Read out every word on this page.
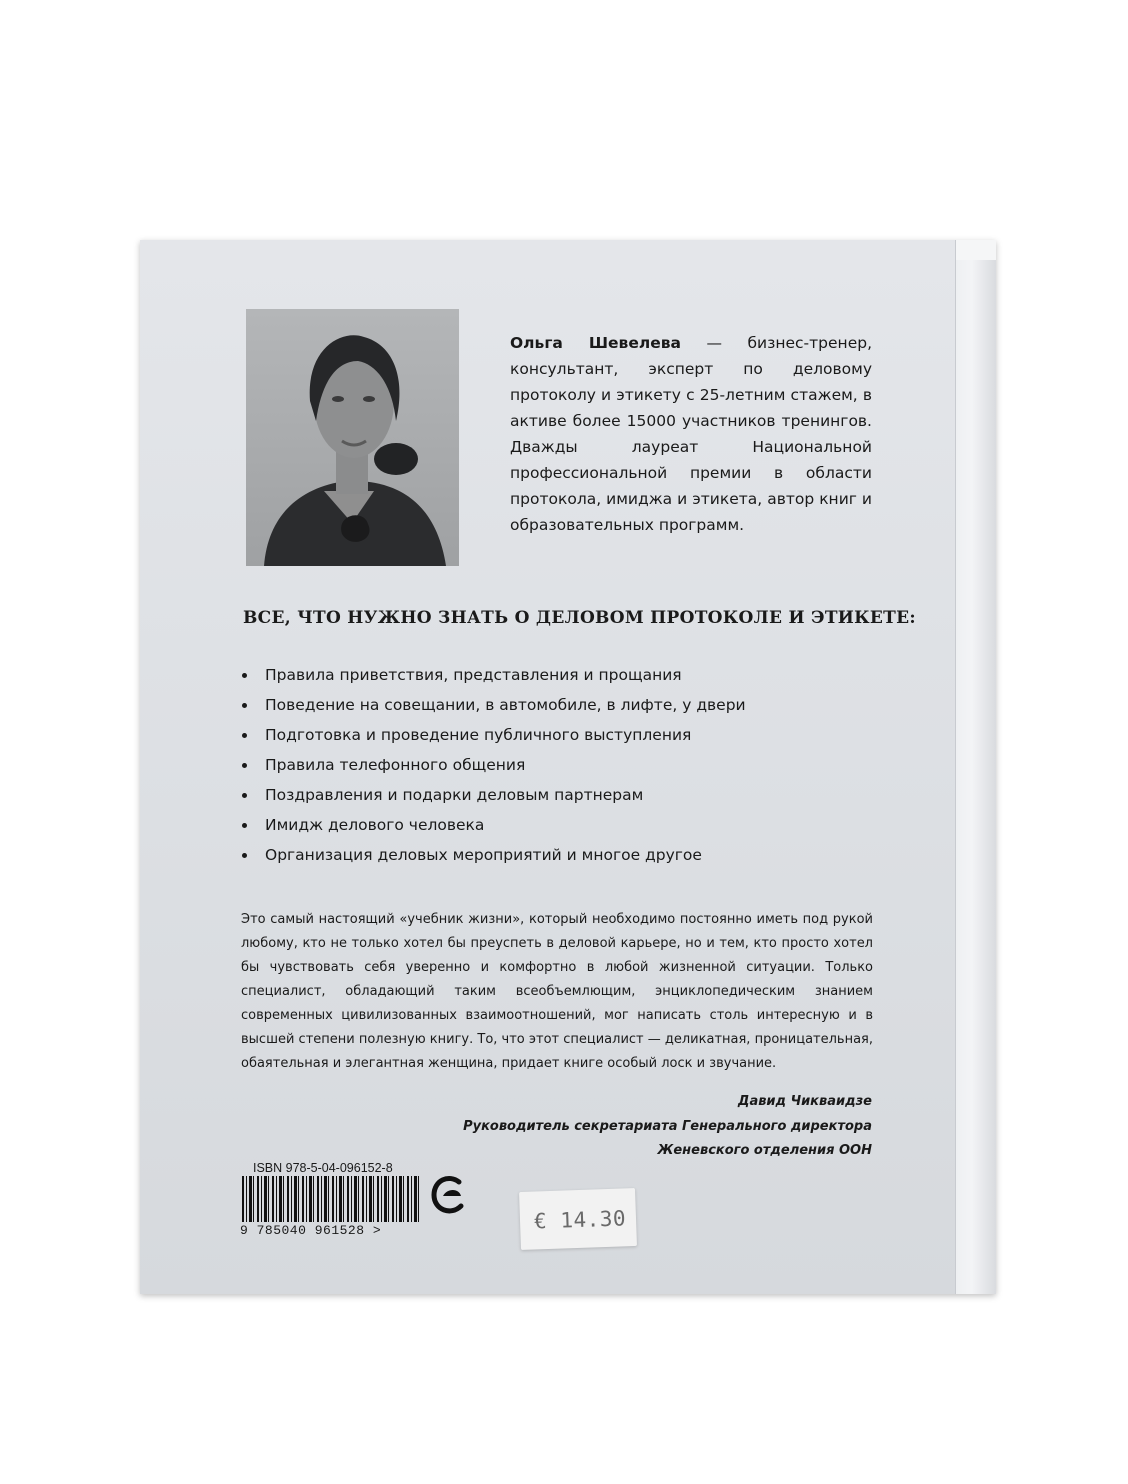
Ольга Шевелева — бизнес-тренер, консультант, эксперт по деловому протоколу и этикету с 25-летним стажем, в активе более 15000 участников тренингов. Дважды лауреат Национальной профессиональной премии в области протокола, имиджа и этикета, автор книг и образовательных программ.
ВСЕ, ЧТО НУЖНО ЗНАТЬ О ДЕЛОВОМ ПРОТОКОЛЕ И ЭТИКЕТЕ:
Правила приветствия, представления и прощания
Поведение на совещании, в автомобиле, в лифте, у двери
Подготовка и проведение публичного выступления
Правила телефонного общения
Поздравления и подарки деловым партнерам
Имидж делового человека
Организация деловых мероприятий и многое другое
Это самый настоящий «учебник жизни», который необходимо постоянно иметь под рукой любому, кто не только хотел бы преуспеть в деловой карьере, но и тем, кто просто хотел бы чувствовать себя уверенно и комфортно в любой жизненной ситуации. Только специалист, обладающий таким всеобъемлющим, энциклопедическим знанием современных цивилизованных взаимоотношений, мог написать столь интересную и в высшей степени полезную книгу. То, что этот специалист — деликатная, проницательная, обаятельная и элегантная женщина, придает книге особый лоск и звучание.
Давид Чикваидзе
Руководитель секретариата Генерального директора
Женевского отделения ООН
ISBN 978-5-04-096152-8
9 785040 961528 >	€ 14.30
